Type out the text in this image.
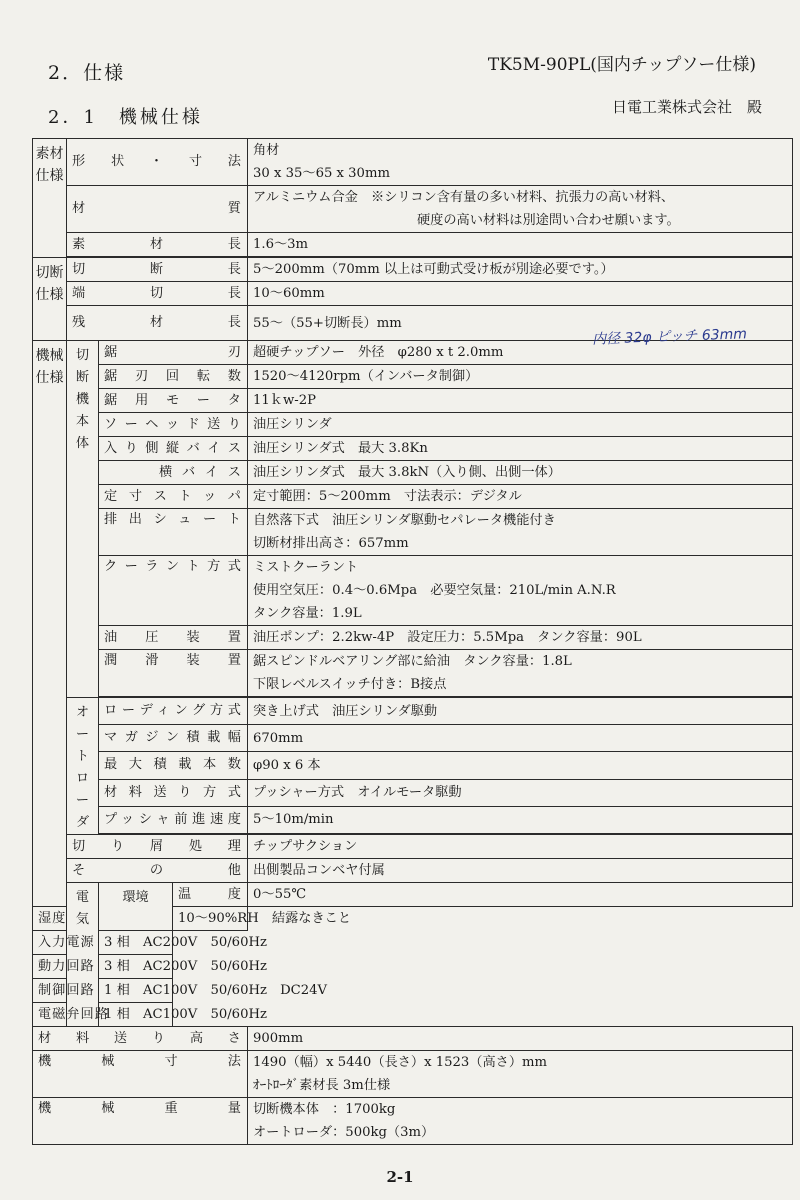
2．仕様	TK5M-90PL(国内チップソー仕様)
2．1　機械仕様	日電工業株式会社　殿
素材仕様	形状・寸法			角材
30 x 35～65 x 30mm

	材質			アルミニウム合金　※シリコン含有量の多い材料、抗張力の高い材料、
硬度の高い材料は別途問い合わせ願います。

	素材長			1.6～3m

切断仕様	切断長			5～200mm（70mm 以上は可動式受け板が別途必要です。）
	端切長			10～60mm
	残材長			55～（55+切断長）mm
機械仕様	切断機本体	鋸刃		超硬チップソー　外径　φ280 x t 2.0mm
		鋸刃回転数		1520～4120rpm（インバータ制御）
		鋸用モータ		11ｋw-2P
		ソーヘッド送り		油圧シリンダ
		入り側縦バイス		油圧シリンダ式　最大 3.8Kn
		横バイス		油圧シリンダ式　最大 3.8kN（入り側、出側一体）
		定寸ストッパ		定寸範囲：5～200mm　寸法表示：デジタル
		排出シュート		自然落下式　油圧シリンダ駆動セパレータ機能付き
切断材排出高さ：657mm

		クーラント方式		ミストクーラント
使用空気圧：0.4～0.6Mpa　必要空気量：210L/min A.N.R
タンク容量：1.9L

		油圧装置		油圧ポンプ：2.2kw-4P　設定圧力：5.5Mpa　タンク容量：90L
		潤滑装置		鋸スピンドルベアリング部に給油　タンク容量：1.8L
下限レベルスイッチ付き：B接点

	オートローダ	ローディング方式		突き上げ式　油圧シリンダ駆動
		マガジン積載幅		670mm
		最大積載本数		φ90 x 6 本
		材料送り方式		プッシャー方式　オイルモータ駆動
		プッシャ前進速度		5～10m/min

	切り屑処理			チップサクション
	その他			出側製品コンベヤ付属
	電気	環境	温度	0～55℃
湿度			10～90%RH　結露なきこと	
入力電源		3 相　AC200V　50/60Hz		
動力回路		3 相　AC200V　50/60Hz		
制御回路		1 相　AC100V　50/60Hz　DC24V		
電磁弁回路		1 相　AC100V　50/60Hz		
材料送り高さ				900mm
機械寸法				1490（幅）x 5440（長さ）x 1523（高さ）mm
ｵｰﾄﾛｰﾀﾞ素材長 3m仕様

機械重量				切断機本体　：1700kg
オートローダ：500kg（3m）
内径 32φ ピッチ 63mm
2-1
